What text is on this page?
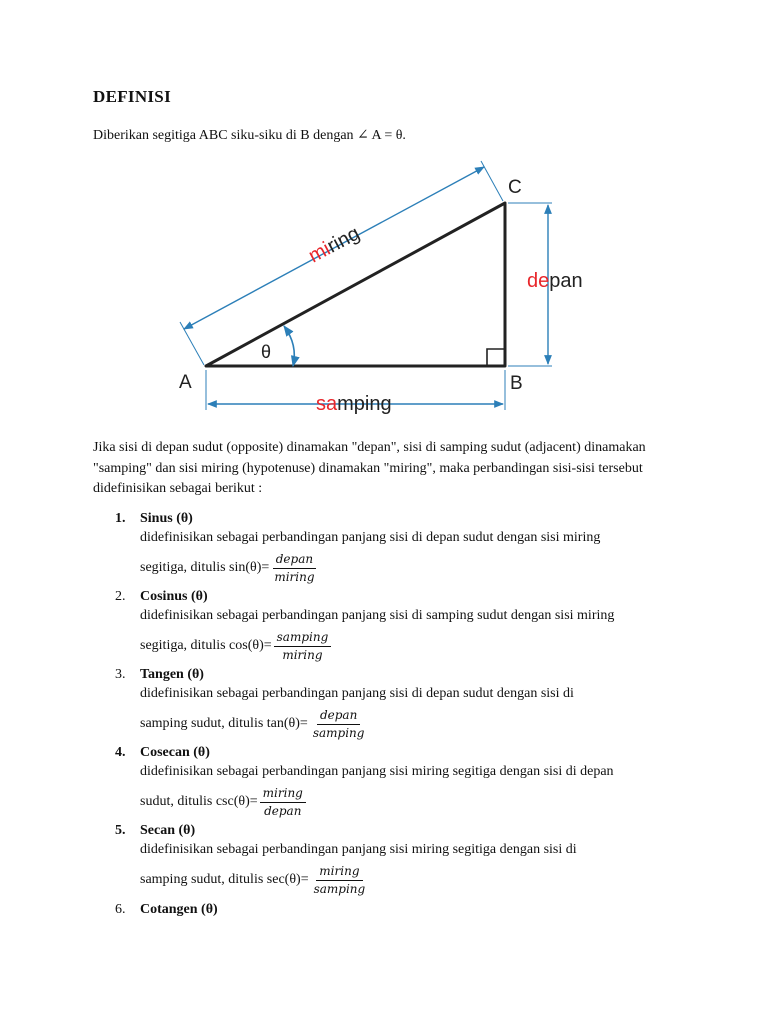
DEFINISI
Diberikan segitiga ABC siku-siku di B dengan ∠ A = θ.
A	B
C
θ
miring
depan
samping
Jika sisi di depan sudut (opposite) dinamakan "depan", sisi di samping sudut (adjacent) dinamakan "samping" dan sisi miring (hypotenuse) dinamakan "miring", maka perbandingan sisi-sisi tersebut didefinisikan sebagai berikut :
1.	Sinus (θ)
didefinisikan sebagai perbandingan panjang sisi di depan sudut dengan sisi miring
segitiga, ditulis $\sin(\theta)= \frac{\text{depan}}{\text{miring}}$
2.	Cosinus (θ)
didefinisikan sebagai perbandingan panjang sisi di samping sudut dengan sisi miring
segitiga, ditulis $\cos(\theta)= \frac{\text{samping}}{\text{miring}}$
3.	Tangen (θ)
didefinisikan sebagai perbandingan panjang sisi di depan sudut dengan sisi di
samping sudut, ditulis $\tan(\theta)= \frac{\text{depan}}{\text{samping}}$
4.	Cosecan (θ)
didefinisikan sebagai perbandingan panjang sisi miring segitiga dengan sisi di depan
sudut, ditulis $\csc(\theta)= \frac{\text{miring}}{\text{depan}}$
5.	Secan (θ)
didefinisikan sebagai perbandingan panjang sisi miring segitiga dengan sisi di
samping sudut, ditulis $\sec(\theta)= \frac{\text{miring}}{\text{samping}}$
6.	Cotangen (θ)
